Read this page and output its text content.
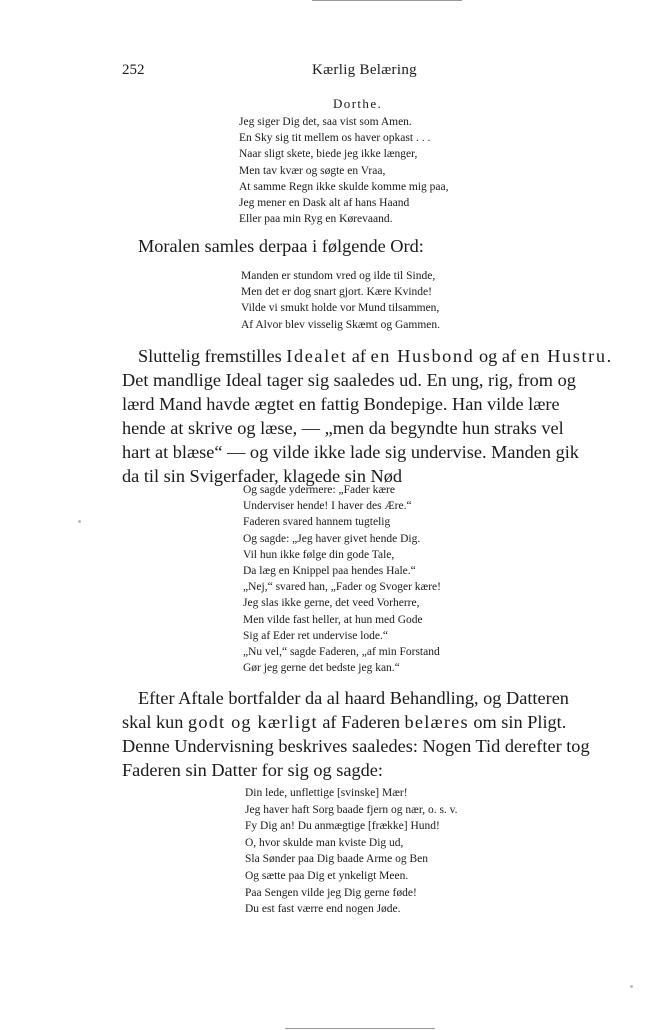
252	Kærlig Belæring
Dorthe.
Jeg siger Dig det, saa vist som Amen.
En Sky sig tit mellem os haver opkast . . .
Naar sligt skete, biede jeg ikke længer,
Men tav kvær og søgte en Vraa,
At samme Regn ikke skulde komme mig paa,
Jeg mener en Dask alt af hans Haand
Eller paa min Ryg en Kørevaand.
Moralen samles derpaa i følgende Ord:
Manden er stundom vred og ilde til Sinde,
Men det er dog snart gjort. Kære Kvinde!
Vilde vi smukt holde vor Mund tilsammen,
Af Alvor blev visselig Skæmt og Gammen.
Sluttelig fremstilles Idealet af en Husbond og af en Hustru.
Det mandlige Ideal tager sig saaledes ud. En ung, rig, from og
lærd Mand havde ægtet en fattig Bondepige. Han vilde lære
hende at skrive og læse, — „men da begyndte hun straks vel
hart at blæse“ — og vilde ikke lade sig undervise. Manden gik
da til sin Svigerfader, klagede sin Nød
Og sagde ydermere: „Fader kære
Underviser hende! I haver des Ære.“
Faderen svared hannem tugtelig
Og sagde: „Jeg haver givet hende Dig.
Vil hun ikke følge din gode Tale,
Da læg en Knippel paa hendes Hale.“
„Nej,“ svared han, „Fader og Svoger kære!
Jeg slas ikke gerne, det veed Vorherre,
Men vilde fast heller, at hun med Gode
Sig af Eder ret undervise lode.“
„Nu vel,“ sagde Faderen, „af min Forstand
Gør jeg gerne det bedste jeg kan.“
Efter Aftale bortfalder da al haard Behandling, og Datteren
skal kun godt og kærligt af Faderen belæres om sin Pligt.
Denne Undervisning beskrives saaledes: Nogen Tid derefter tog
Faderen sin Datter for sig og sagde:
Din lede, unflettige [svinske] Mær!
Jeg haver haft Sorg baade fjern og nær, o. s. v.
Fy Dig an! Du anmægtige [frække] Hund!
O, hvor skulde man kviste Dig ud,
Sla Sønder paa Dig baade Arme og Ben
Og sætte paa Dig et ynkeligt Meen.
Paa Sengen vilde jeg Dig gerne føde!
Du est fast værre end nogen Jøde.
